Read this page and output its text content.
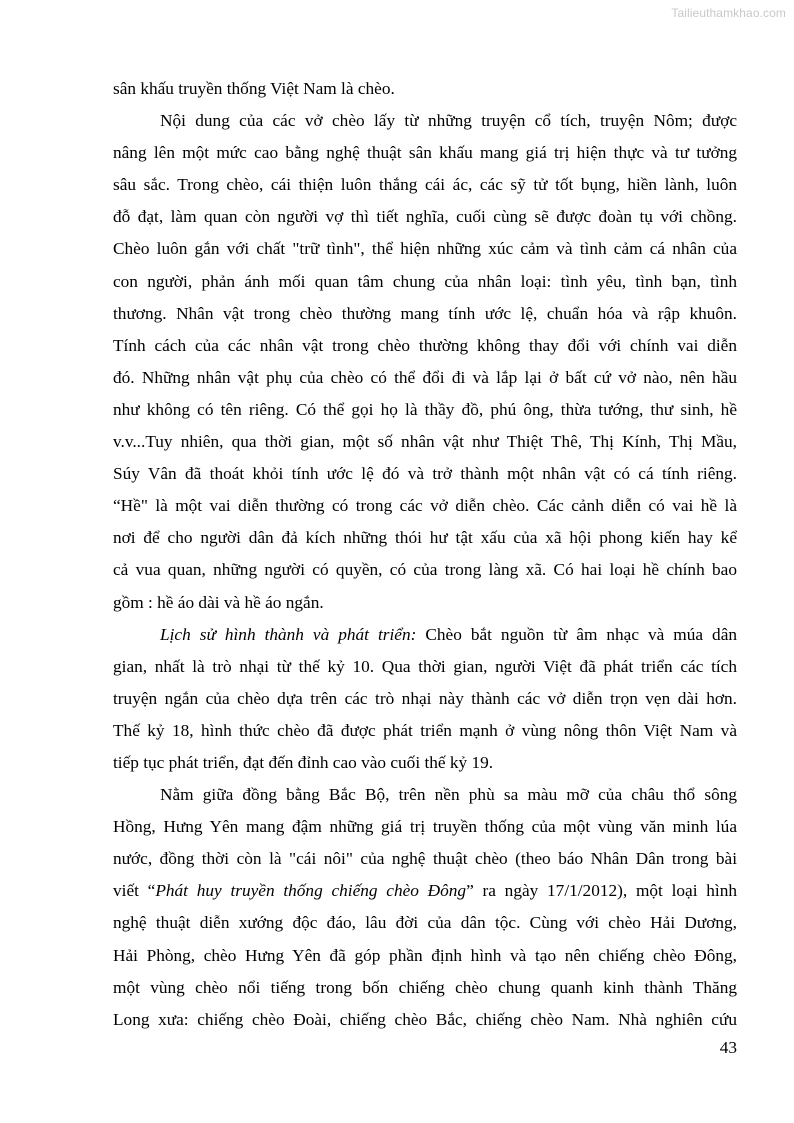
Tailieuthamkhao.com
sân khấu truyền thống Việt Nam là chèo.
Nội dung của các vở chèo lấy từ những truyện cổ tích, truyện Nôm; được
nâng lên một mức cao bằng nghệ thuật sân khấu mang giá trị hiện thực và tư tưởng
sâu sắc. Trong chèo, cái thiện luôn thắng cái ác, các sỹ tử tốt bụng, hiền lành, luôn
đỗ đạt, làm quan còn người vợ thì tiết nghĩa, cuối cùng sẽ được đoàn tụ với chồng.
Chèo luôn gắn với chất "trữ tình", thể hiện những xúc cảm và tình cảm cá nhân của
con người, phản ánh mối quan tâm chung của nhân loại: tình yêu, tình bạn, tình
thương. Nhân vật trong chèo thường mang tính ước lệ, chuẩn hóa và rập khuôn.
Tính cách của các nhân vật trong chèo thường không thay đổi với chính vai diễn
đó. Những nhân vật phụ của chèo có thể đổi đi và lắp lại ở bất cứ vở nào, nên hầu
như không có tên riêng. Có thể gọi họ là thầy đồ, phú ông, thừa tướng, thư sinh, hề
v.v...Tuy nhiên, qua thời gian, một số nhân vật như Thiệt Thê, Thị Kính, Thị Mầu,
Súy Vân đã thoát khỏi tính ước lệ đó và trở thành một nhân vật có cá tính riêng.
“Hề" là một vai diễn thường có trong các vở diễn chèo. Các cảnh diễn có vai hề là
nơi để cho người dân đả kích những thói hư tật xấu của xã hội phong kiến hay kể
cả vua quan, những người có quyền, có của trong làng xã. Có hai loại hề chính bao
gồm : hề áo dài và hề áo ngắn.
Lịch sử hình thành và phát triển: Chèo bắt nguồn từ âm nhạc và múa dân
gian, nhất là trò nhại từ thế kỷ 10. Qua thời gian, người Việt đã phát triển các tích
truyện ngắn của chèo dựa trên các trò nhại này thành các vở diễn trọn vẹn dài hơn.
Thế kỷ 18, hình thức chèo đã được phát triển mạnh ở vùng nông thôn Việt Nam và
tiếp tục phát triển, đạt đến đỉnh cao vào cuối thế kỷ 19.
Nằm giữa đồng bằng Bắc Bộ, trên nền phù sa màu mỡ của châu thổ sông
Hồng, Hưng Yên mang đậm những giá trị truyền thống của một vùng văn minh lúa
nước, đồng thời còn là "cái nôi" của nghệ thuật chèo (theo báo Nhân Dân trong bài
viết “Phát huy truyền thống chiếng chèo Đông” ra ngày 17/1/2012), một loại hình
nghệ thuật diễn xướng độc đáo, lâu đời của dân tộc. Cùng với chèo Hải Dương,
Hải Phòng, chèo Hưng Yên đã góp phần định hình và tạo nên chiếng chèo Đông,
một vùng chèo nổi tiếng trong bốn chiếng chèo chung quanh kinh thành Thăng
Long xưa: chiếng chèo Đoài, chiếng chèo Bắc, chiếng chèo Nam. Nhà nghiên cứu
43
